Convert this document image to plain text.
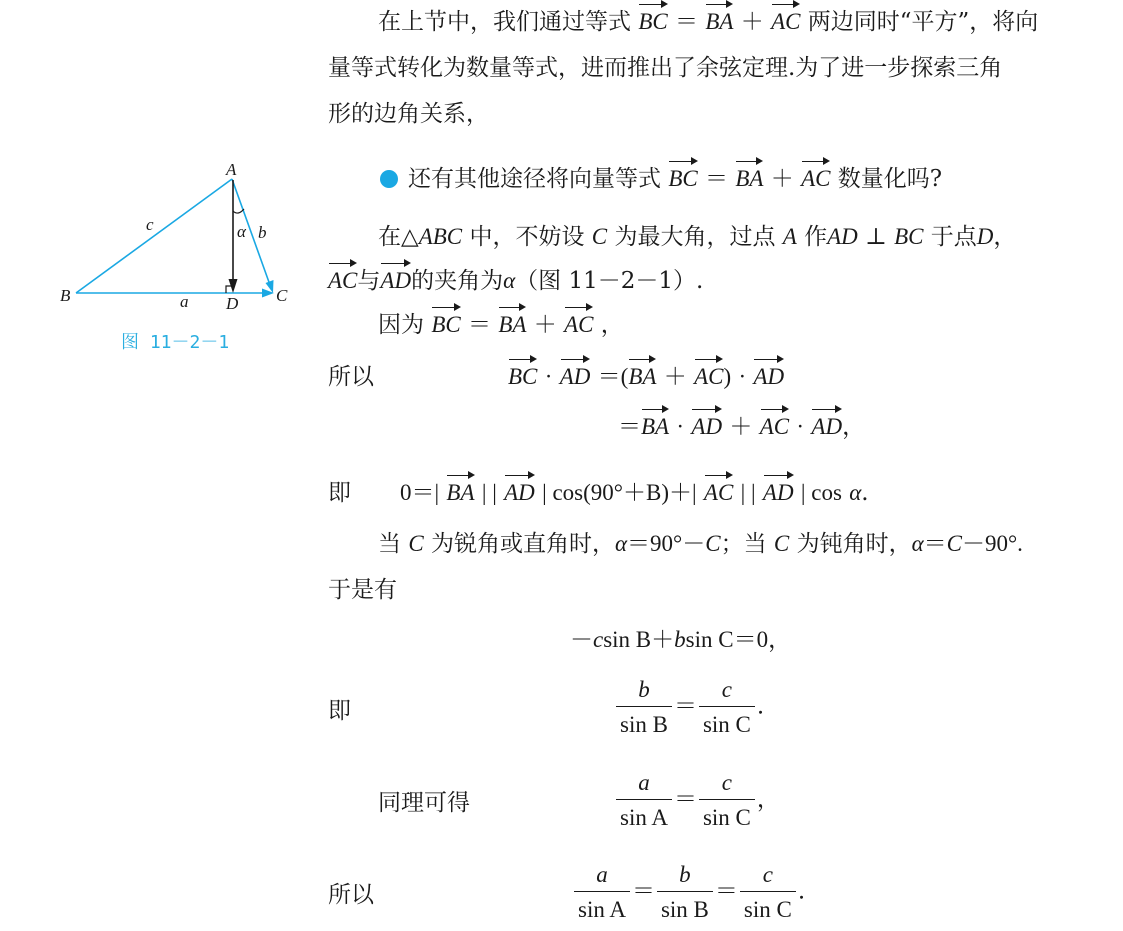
A
B	C
D
a
c	b
α
图 11－2－1
在上节中，我们通过等式 BC ＝ BA ＋ AC 两边同时“平方”，将向
量等式转化为数量等式，进而推出了余弦定理.为了进一步探索三角
形的边角关系，
还有其他途径将向量等式 BC ＝ BA ＋ AC 数量化吗?
在△ABC 中，不妨设 C 为最大角，过点 A 作AD ⊥ BC 于点D，
AC与AD的夹角为α（图 11－2－1）.
因为 BC ＝ BA ＋ AC ，
所以	BC · AD ＝(BA ＋ AC) · AD
＝BA · AD ＋ AC · AD，
即 0＝| BA | | AD | cos(90°＋B)＋| AC | | AD | cos α.
当 C 为锐角或直角时，α＝90°－C；当 C 为钝角时，α＝C－90°.
于是有
－csin B＋bsin C＝0，
即	$\frac{b}{\text{sin B}} = \frac{c}{\text{sin C}}$ .
同理可得	$\frac{a}{\text{sin A}} = \frac{c}{\text{sin C}}$ ，
所以	$\frac{a}{\text{sin A}} = \frac{b}{\text{sin B}} = \frac{c}{\text{sin C}}$ .
